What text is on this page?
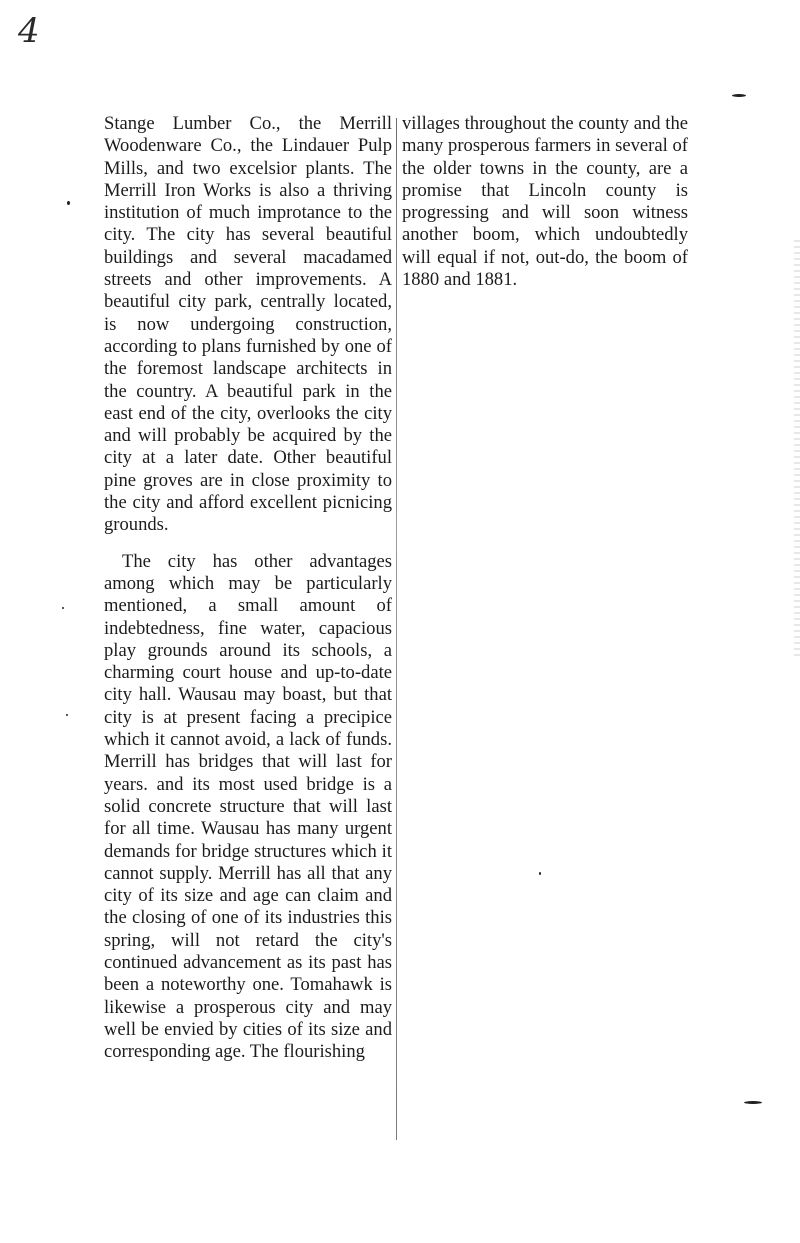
4

Stange Lumber Co., the Merrill Woodenware Co., the Lindauer Pulp Mills, and two excelsior plants. The Merrill Iron Works is also a thriving institution of much improtance to the city. The city has several beautiful buildings and several macadamed streets and other improvements. A beautiful city park, centrally located, is now undergoing construction, according to plans furnished by one of the foremost landscape architects in the country. A beautiful park in the east end of the city, overlooks the city and will probably be acquired by the city at a later date. Other beautiful pine groves are in close proximity to the city and afford excellent picnicing grounds.

The city has other advantages among which may be particularly mentioned, a small amount of indebtedness, fine water, capacious play grounds around its schools, a charming court house and up-to-date city hall. Wausau may boast, but that city is at present facing a precipice which it cannot avoid, a lack of funds. Merrill has bridges that will last for years. and its most used bridge is a solid concrete structure that will last for all time. Wausau has many urgent demands for bridge structures which it cannot supply. Merrill has all that any city of its size and age can claim and the closing of one of its industries this spring, will not retard the city's continued advancement as its past has been a noteworthy one. Tomahawk is likewise a prosperous city and may well be envied by cities of its size and corresponding age. The flourishing

villages throughout the county and the many prosperous farmers in several of the older towns in the county, are a promise that Lincoln county is progressing and will soon witness another boom, which undoubtedly will equal if not, out-do, the boom of 1880 and 1881.
